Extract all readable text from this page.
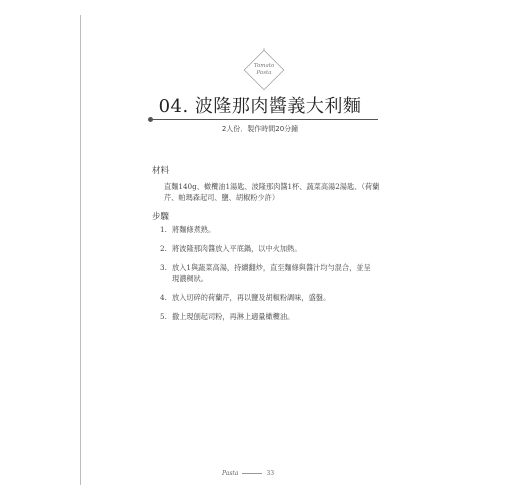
Tomato
Pasta
04. 波隆那肉醬義大利麵
2人份．製作時間20分鐘
材料
直麵140g、橄欖油1湯匙、波隆那肉醬1杯、蔬菜高湯2湯匙、（荷蘭
芹、帕瑪森起司、鹽、胡椒粉少許）
步驟
1. 將麵條煮熟。
2. 將波隆那肉醬放入平底鍋，以中火加熱。
3. 放入1與蔬菜高湯，持續翻炒，直至麵條與醬汁均勻混合，並呈
現濃稠狀。
4. 放入切碎的荷蘭芹，再以鹽及胡椒粉調味，盛盤。
5. 撒上現刨起司粉，再淋上適量橄欖油。
Pasta	33
